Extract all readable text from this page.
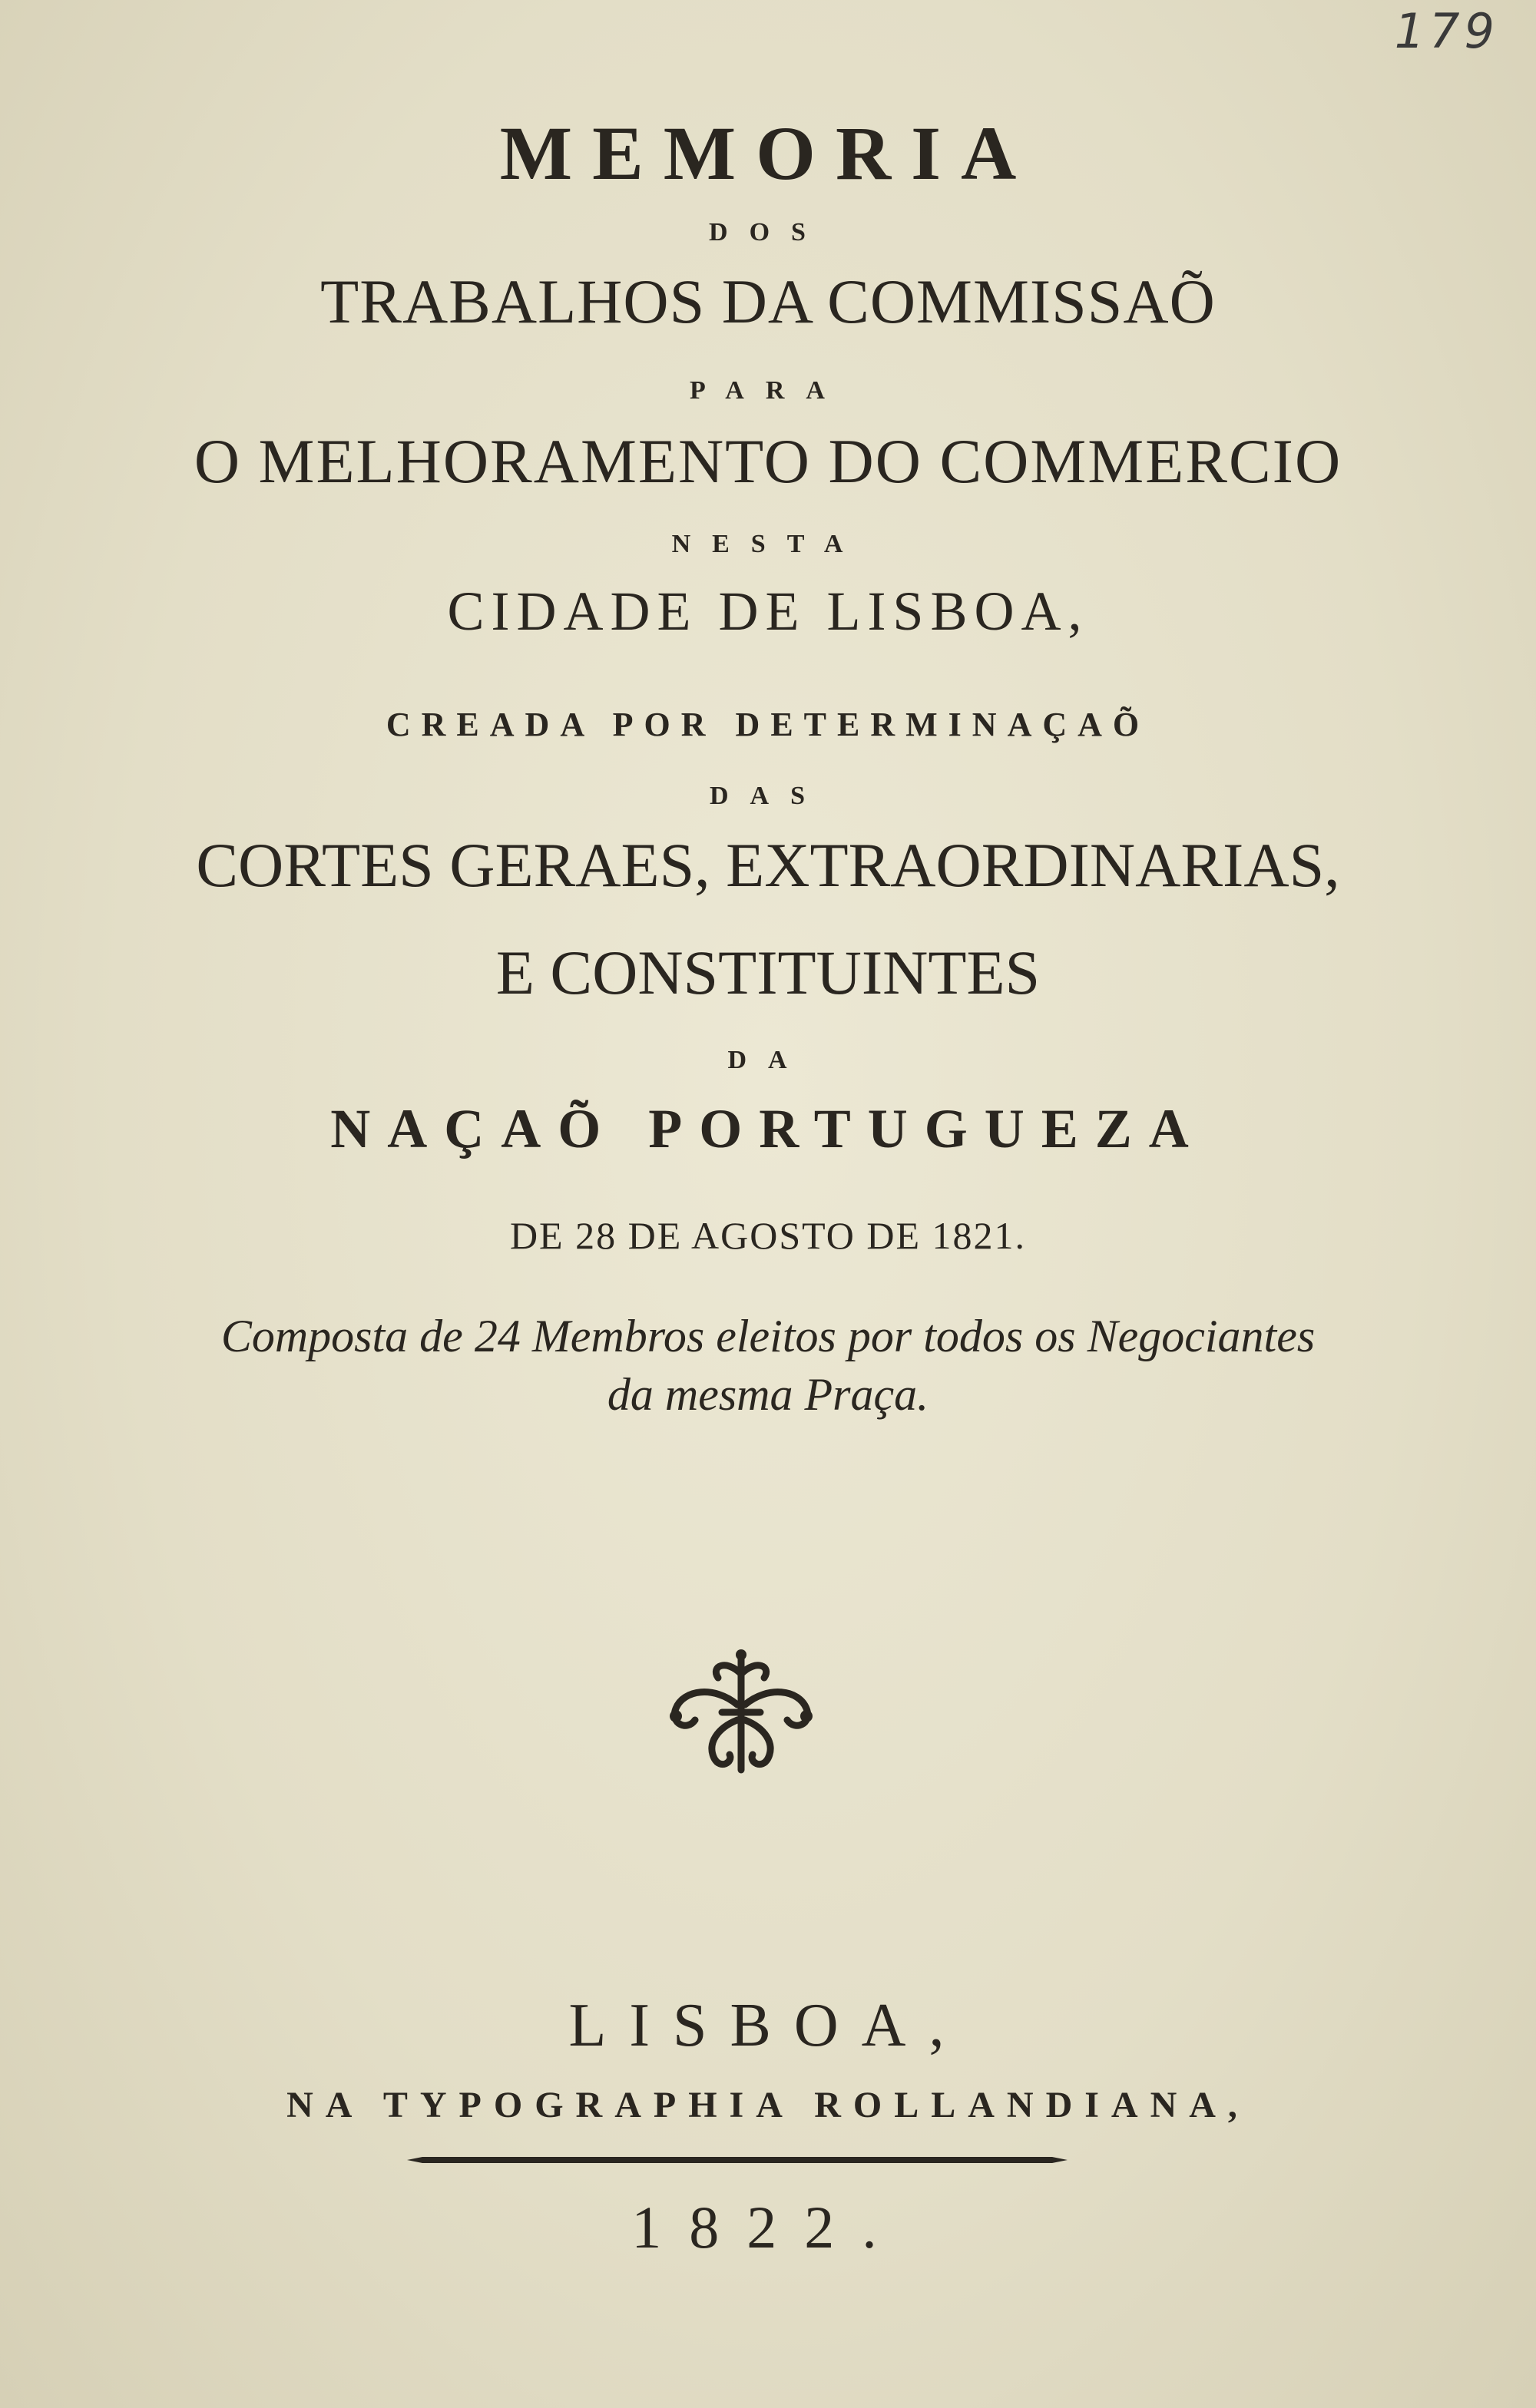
179
MEMORIA
DOS
TRABALHOS DA COMMISSAÕ
PARA
O MELHORAMENTO DO COMMERCIO
NESTA
CIDADE DE LISBOA,
CREADA POR DETERMINAÇAÕ
DAS
CORTES GERAES, EXTRAORDINARIAS,
E CONSTITUINTES
DA
NAÇAÕ PORTUGUEZA
DE 28 DE AGOSTO DE 1821.
Composta de 24 Membros eleitos por todos os Negociantes
da mesma Praça.
LISBOA,
NA TYPOGRAPHIA ROLLANDIANA,
1822.
